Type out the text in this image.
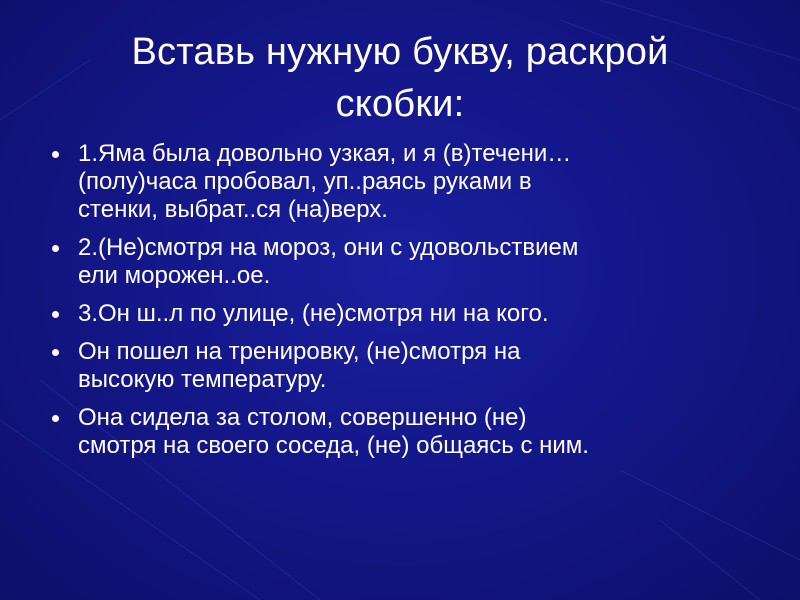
Вставь нужную букву, раскрой
скобки:
1.Яма была довольно узкая, и я (в)течени…
(полу)часа пробовал, уп..раясь руками в
стенки, выбрат..ся (на)верх.
2.(Не)смотря на мороз, они с удовольствием
ели морожен..ое.
3.Он ш..л по улице, (не)смотря ни на кого.
Он пошел на тренировку, (не)смотря на
высокую температуру.
Она сидела за столом, совершенно (не)
смотря на своего соседа, (не) общаясь с ним.
